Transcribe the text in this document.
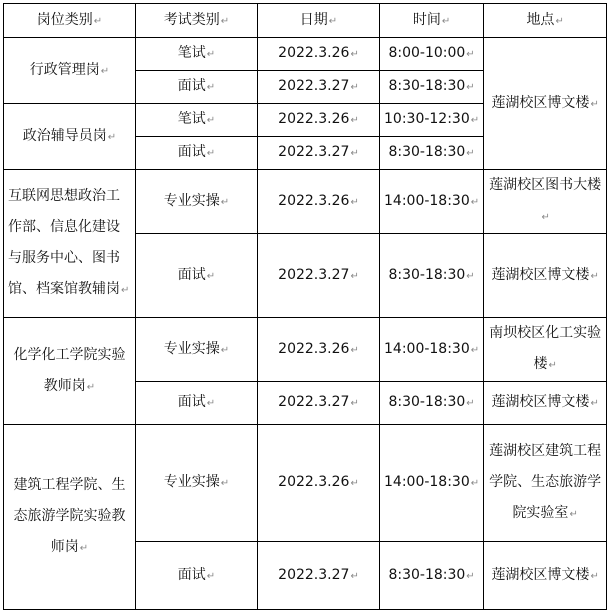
岗位类别↵	考试类别↵	日期↵	时间↵	地点↵
行政管理岗↵	笔试↵	2022.3.26↵	8:00-10:00↵	莲湖校区博文楼↵
	面试↵	2022.3.27↵	8:30-18:30↵	
政治辅导员岗↵	笔试↵	2022.3.26↵	10:30-12:30↵	
	面试↵	2022.3.27↵	8:30-18:30↵	
互联网思想政治工作部、信息化建设与服务中心、图书馆、档案馆教辅岗↵	专业实操↵	2022.3.26↵	14:00-18:30↵	莲湖校区图书大楼↵
	面试↵	2022.3.27↵	8:30-18:30↵	莲湖校区博文楼↵
化学化工学院实验教师岗↵	专业实操↵	2022.3.26↵	14:00-18:30↵	南坝校区化工实验楼↵
	面试↵	2022.3.27↵	8:30-18:30↵	莲湖校区博文楼↵
建筑工程学院、生态旅游学院实验教师岗↵	专业实操↵	2022.3.26↵	14:00-18:30↵	莲湖校区建筑工程学院、生态旅游学院实验室↵
	面试↵	2022.3.27↵	8:30-18:30↵	莲湖校区博文楼↵
